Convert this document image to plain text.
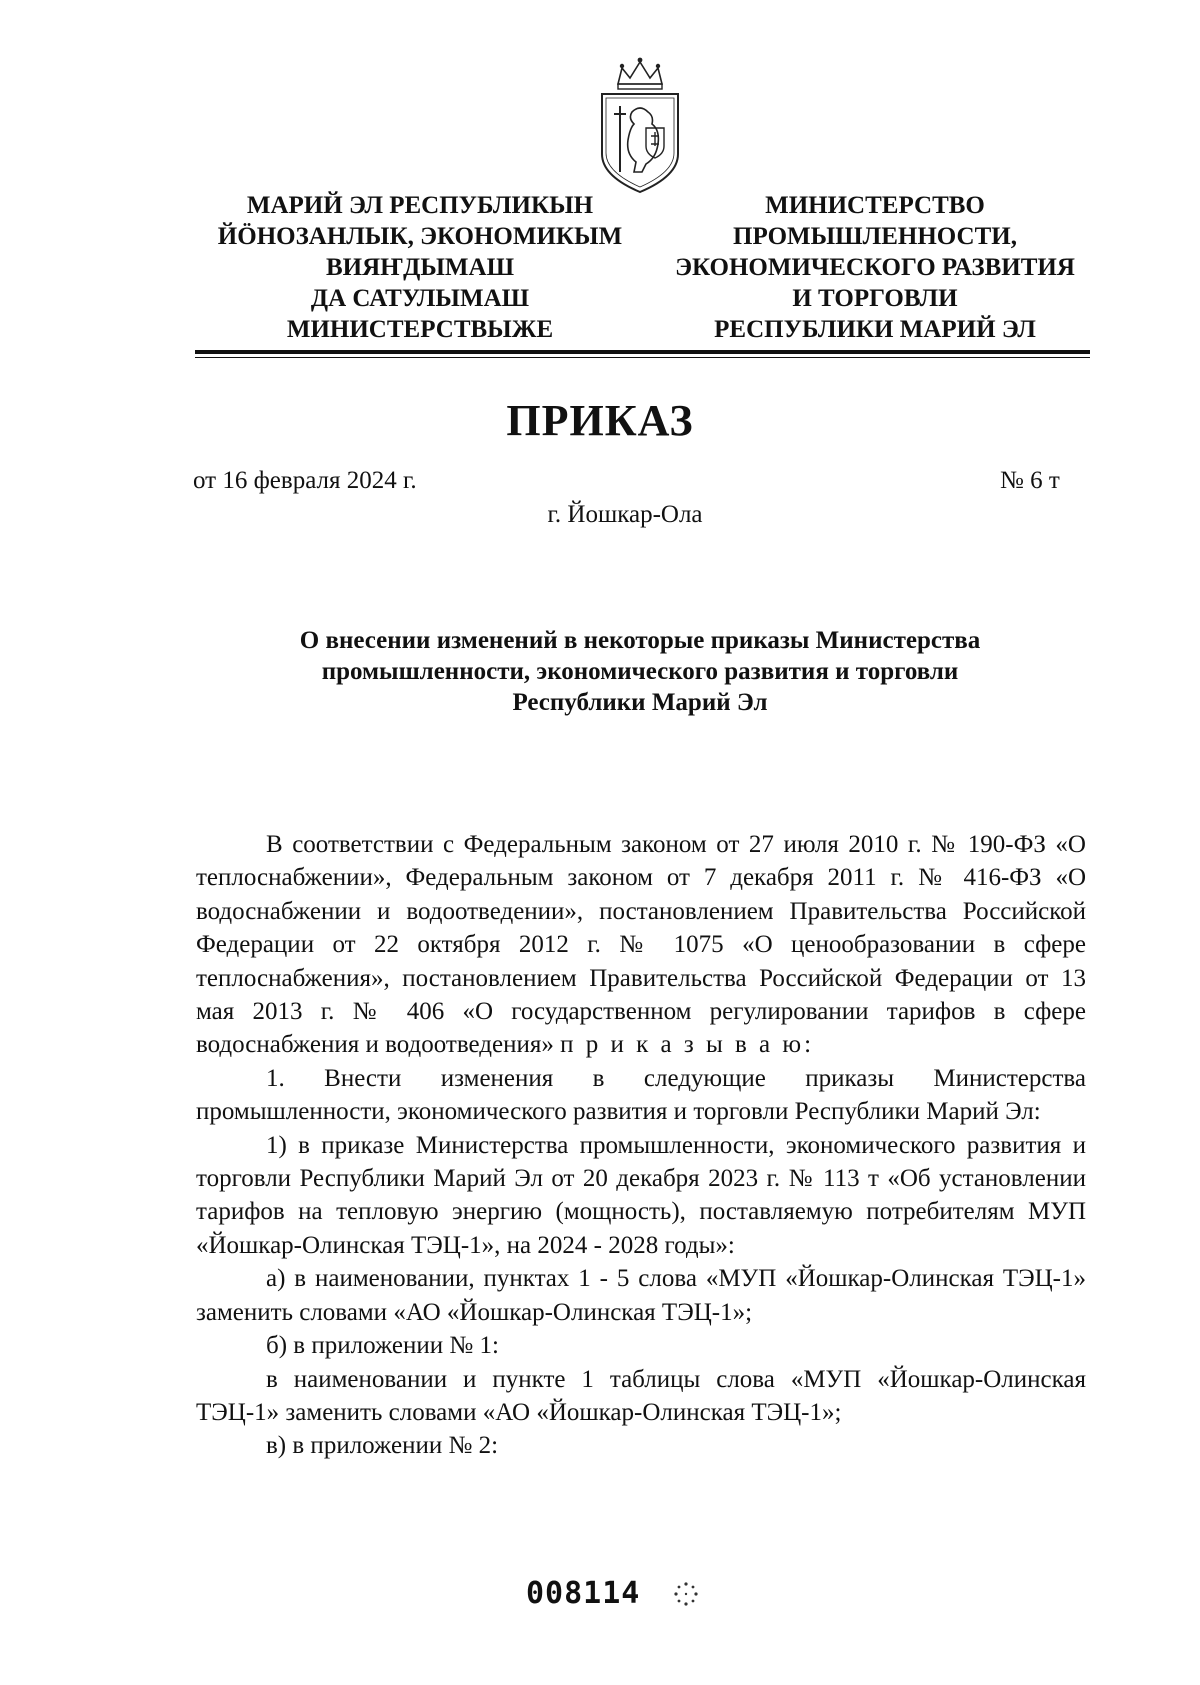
МАРИЙ ЭЛ РЕСПУБЛИКЫН
ЙӦНОЗАНЛЫК, ЭКОНОМИКЫМ
ВИЯҤДЫМАШ
ДА САТУЛЫМАШ
МИНИСТЕРСТВЫЖЕ
МИНИСТЕРСТВО
ПРОМЫШЛЕННОСТИ,
ЭКОНОМИЧЕСКОГО РАЗВИТИЯ
И ТОРГОВЛИ
РЕСПУБЛИКИ МАРИЙ ЭЛ
ПРИКАЗ
от 16 февраля 2024 г.	№ 6 т
г. Йошкар-Ола
О внесении изменений в некоторые приказы Министерства
промышленности, экономического развития и торговли
Республики Марий Эл

В соответствии с Федеральным законом от 27 июля 2010 г. № 190-ФЗ «О теплоснабжении», Федеральным законом от 7 декабря 2011 г. № 416-ФЗ «О водоснабжении и водоотведении», постановлением Правительства Российской Федерации от 22 октября 2012 г. № 1075 «О ценообразовании в сфере теплоснабжения», постановлением Правительства Российской Федерации от 13 мая 2013 г. № 406 «О государственном регулировании тарифов в сфере водоснабжения и водоотведения» п р и к а з ы в а ю:

1. Внести изменения в следующие приказы Министерства промышленности, экономического развития и торговли Республики Марий Эл:

1) в приказе Министерства промышленности, экономического развития и торговли Республики Марий Эл от 20 декабря 2023 г. № 113 т «Об установлении тарифов на тепловую энергию (мощность), поставляемую потребителям МУП «Йошкар-Олинская ТЭЦ-1», на 2024 - 2028 годы»:

а) в наименовании, пунктах 1 - 5 слова «МУП «Йошкар-Олинская ТЭЦ-1» заменить словами «АО «Йошкар-Олинская ТЭЦ-1»;

б) в приложении № 1:

в наименовании и пункте 1 таблицы слова «МУП «Йошкар-Олинская ТЭЦ-1» заменить словами «АО «Йошкар-Олинская ТЭЦ-1»;

в) в приложении № 2:

008114
